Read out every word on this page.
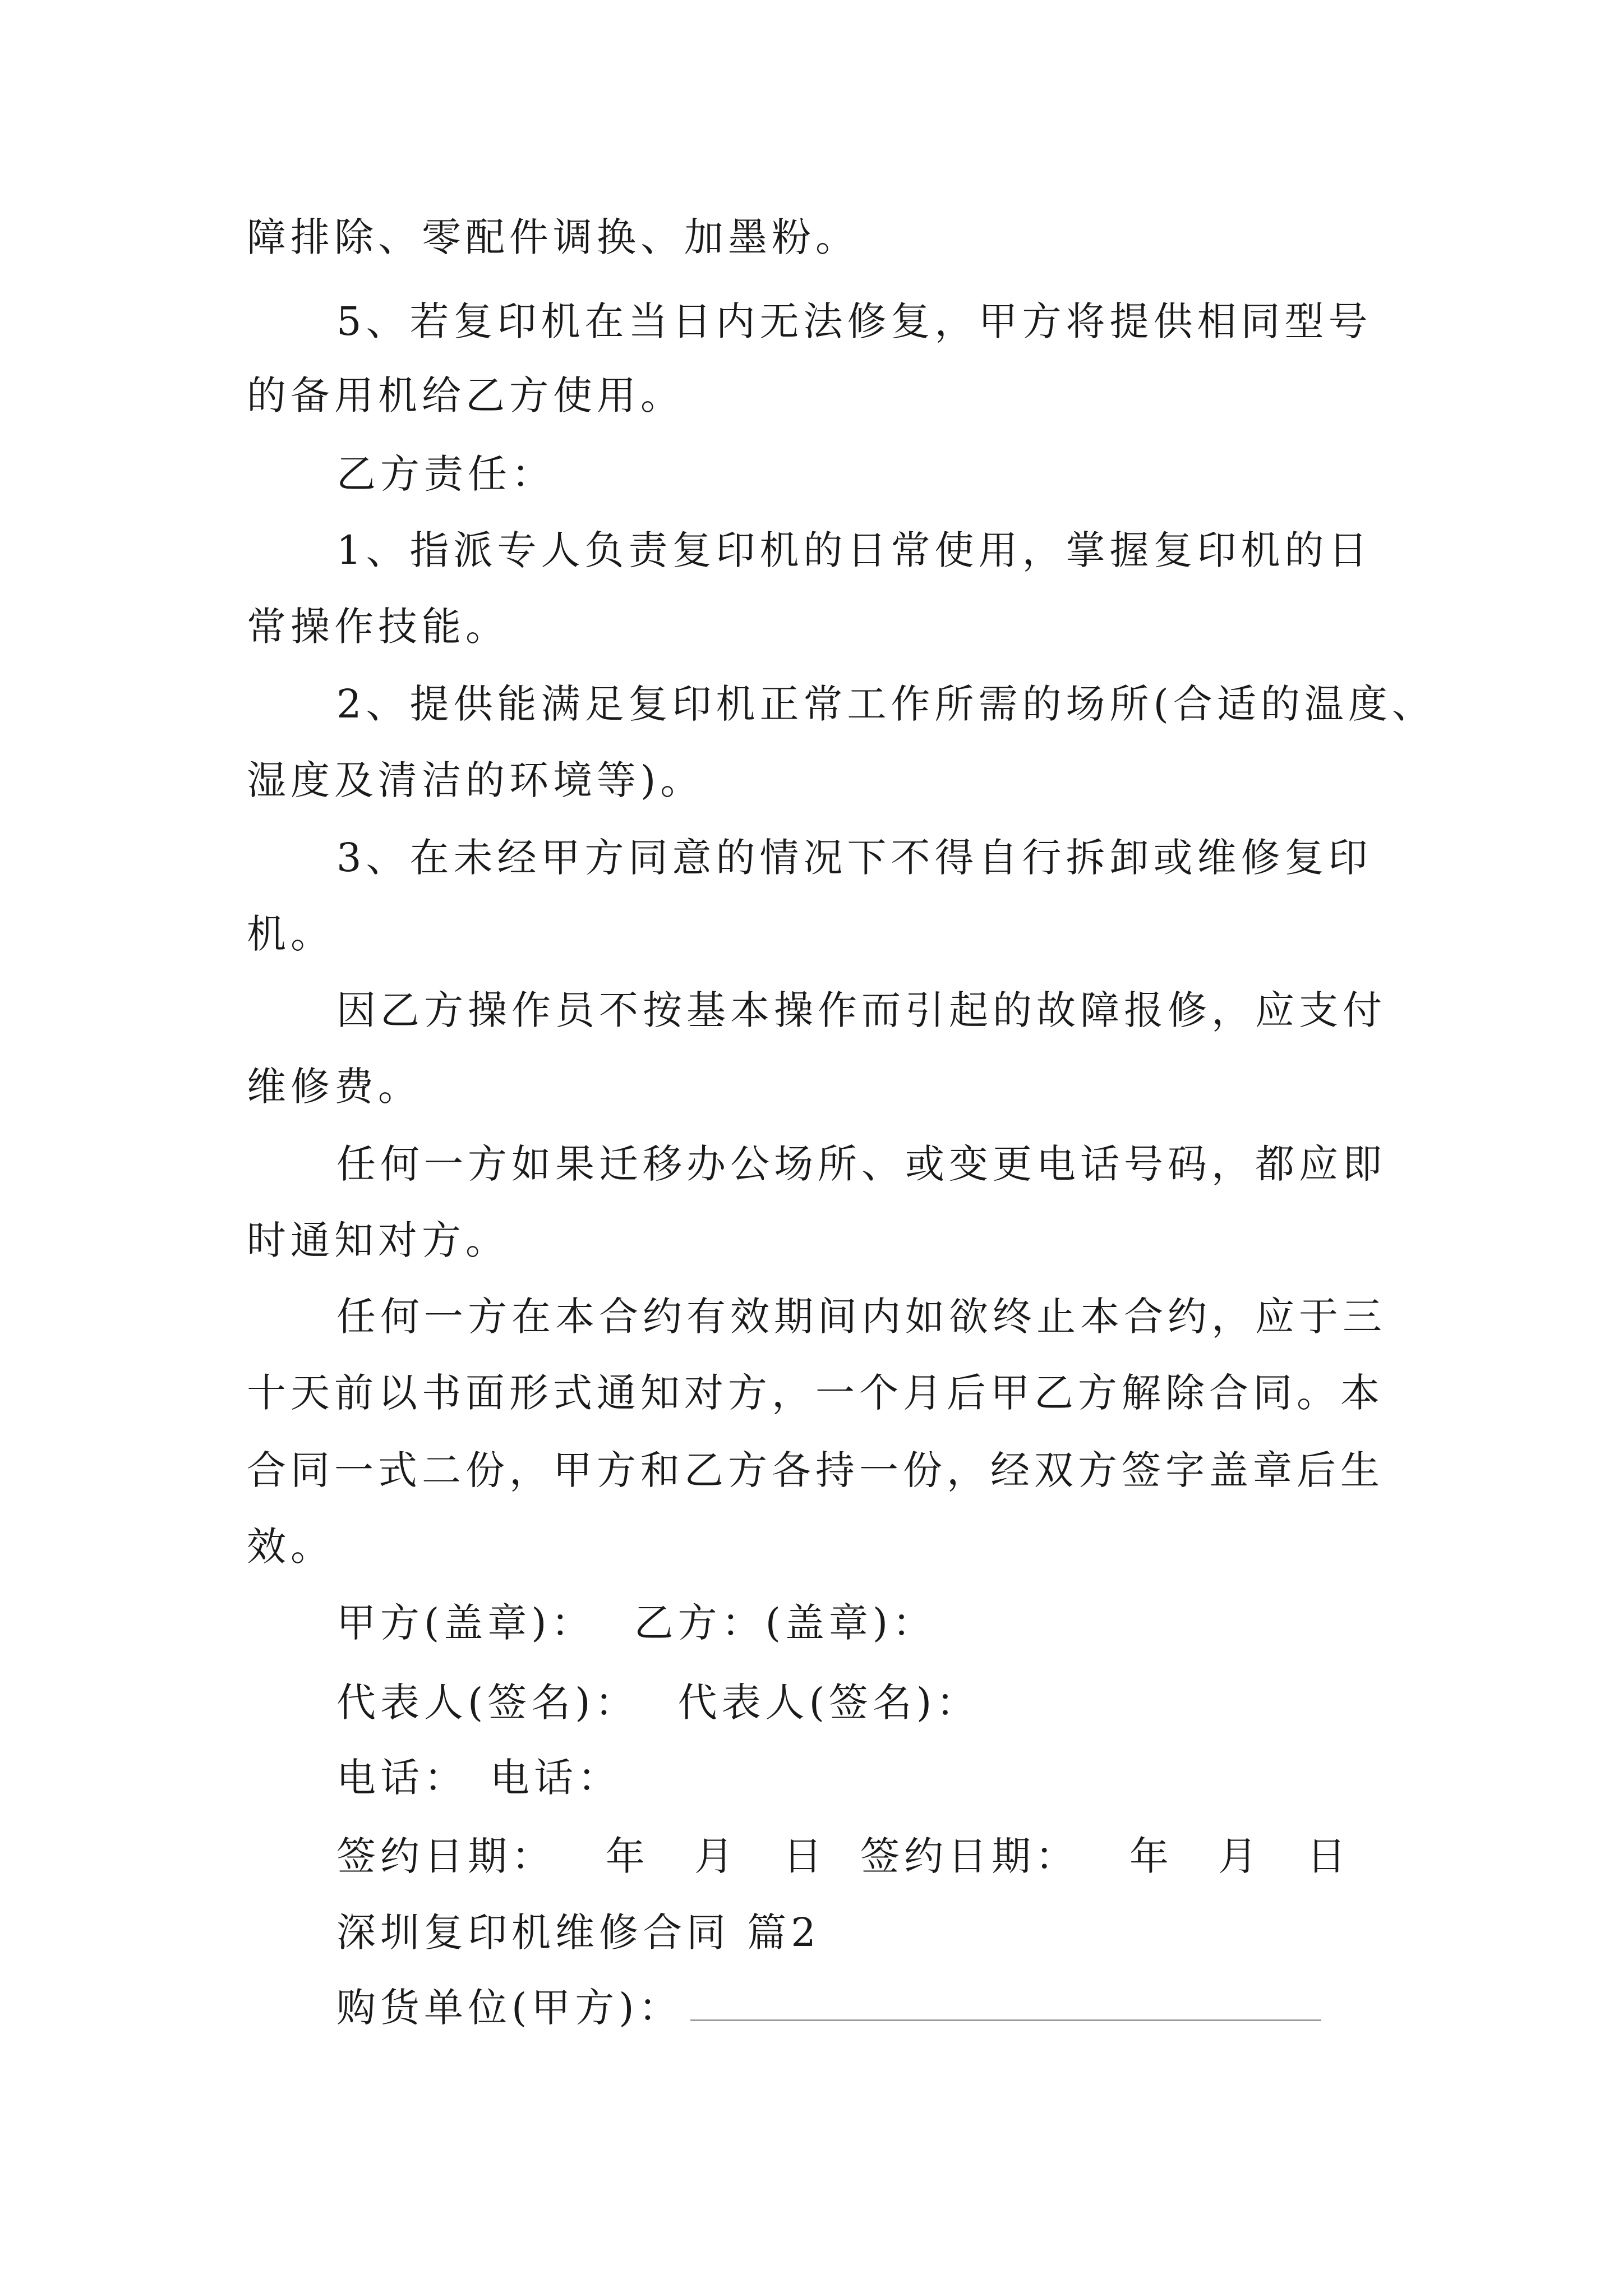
障排除、零配件调换、加墨粉。
5、若复印机在当日内无法修复，甲方将提供相同型号
的备用机给乙方使用。
乙方责任：
1、指派专人负责复印机的日常使用，掌握复印机的日
常操作技能。
2、提供能满足复印机正常工作所需的场所(合适的温度、
湿度及清洁的环境等)。
3、在未经甲方同意的情况下不得自行拆卸或维修复印
机。
因乙方操作员不按基本操作而引起的故障报修，应支付
维修费。
任何一方如果迁移办公场所、或变更电话号码，都应即
时通知对方。
任何一方在本合约有效期间内如欲终止本合约，应于三
十天前以书面形式通知对方，一个月后甲乙方解除合同。本
合同一式二份，甲方和乙方各持一份，经双方签字盖章后生
效。
甲方(盖章)： 乙方：(盖章)：
代表人(签名)： 代表人(签名)：
电话： 电话：
签约日期： 年 月 日 签约日期： 年 月 日
深圳复印机维修合同 篇2
购货单位(甲方)：
